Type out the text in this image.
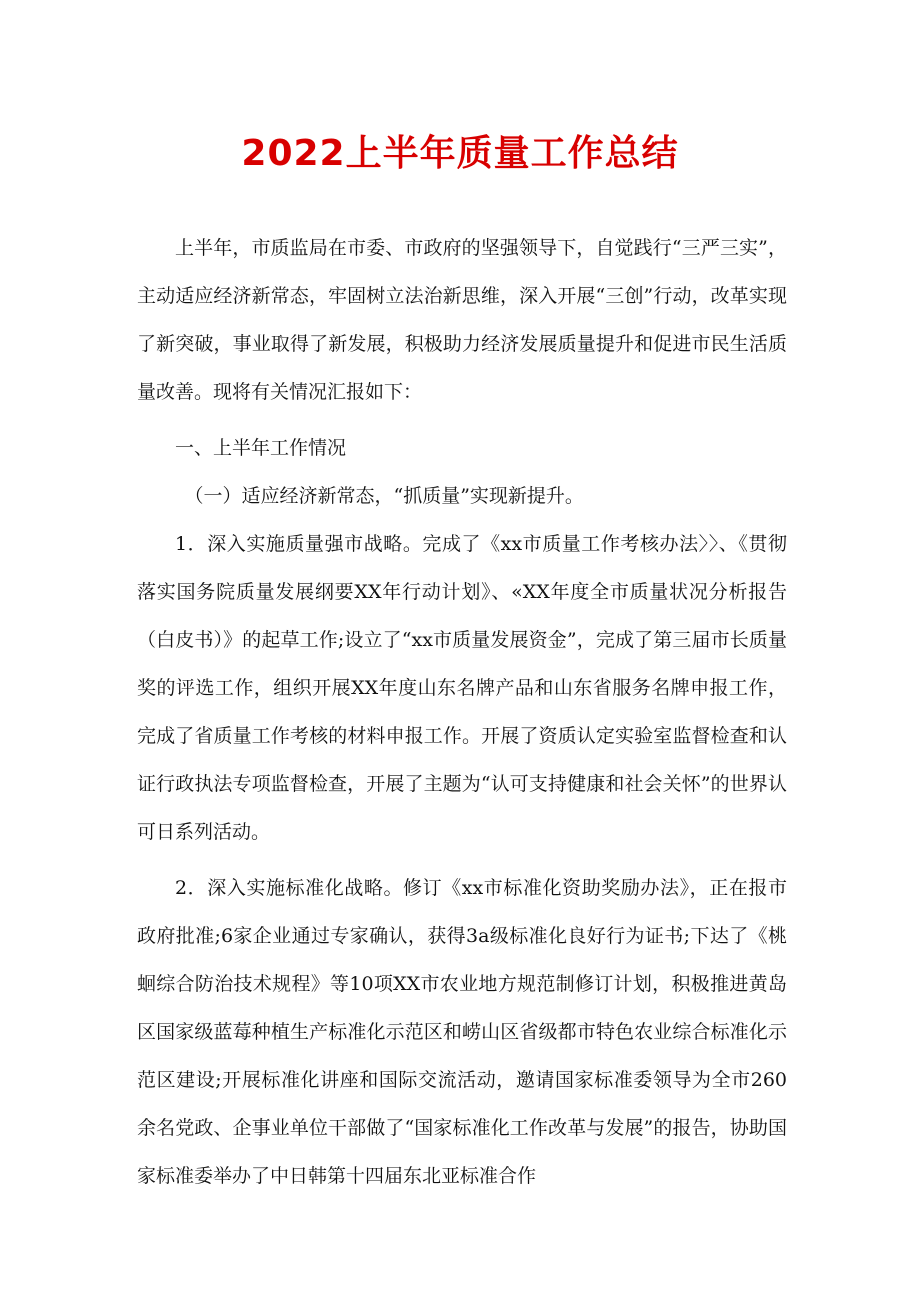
2022上半年质量工作总结

上半年，市质监局在市委、市政府的坚强领导下，自觉践行“三严三实”，主动适应经济新常态，牢固树立法治新思维，深入开展“三创”行动，改革实现了新突破，事业取得了新发展，积极助力经济发展质量提升和促进市民生活质量改善。现将有关情况汇报如下：

一、上半年工作情况

（一）适应经济新常态，“抓质量”实现新提升。

1．深入实施质量强市战略。完成了《xx市质量工作考核办法〉〉、《贯彻落实国务院质量发展纲要XX年行动计划》、«XX年度全市质量状况分析报告（白皮书）》的起草工作;设立了“xx市质量发展资金”，完成了第三届市长质量奖的评选工作，组织开展XX年度山东名牌产品和山东省服务名牌申报工作，完成了省质量工作考核的材料申报工作。开展了资质认定实验室监督检查和认证行政执法专项监督检查，开展了主题为“认可支持健康和社会关怀”的世界认可日系列活动。

2．深入实施标准化战略。修订《xx市标准化资助奖励办法》，正在报市政府批准;6家企业通过专家确认，获得3a级标准化良好行为证书;下达了《桃蛔综合防治技术规程》等10项XX市农业地方规范制修订计划，积极推进黄岛区国家级蓝莓种植生产标准化示范区和崂山区省级都市特色农业综合标准化示范区建设;开展标准化讲座和国际交流活动，邀请国家标准委领导为全市260余名党政、企事业单位干部做了“国家标准化工作改革与发展”的报告，协助国家标准委举办了中日韩第十四届东北亚标准合作
